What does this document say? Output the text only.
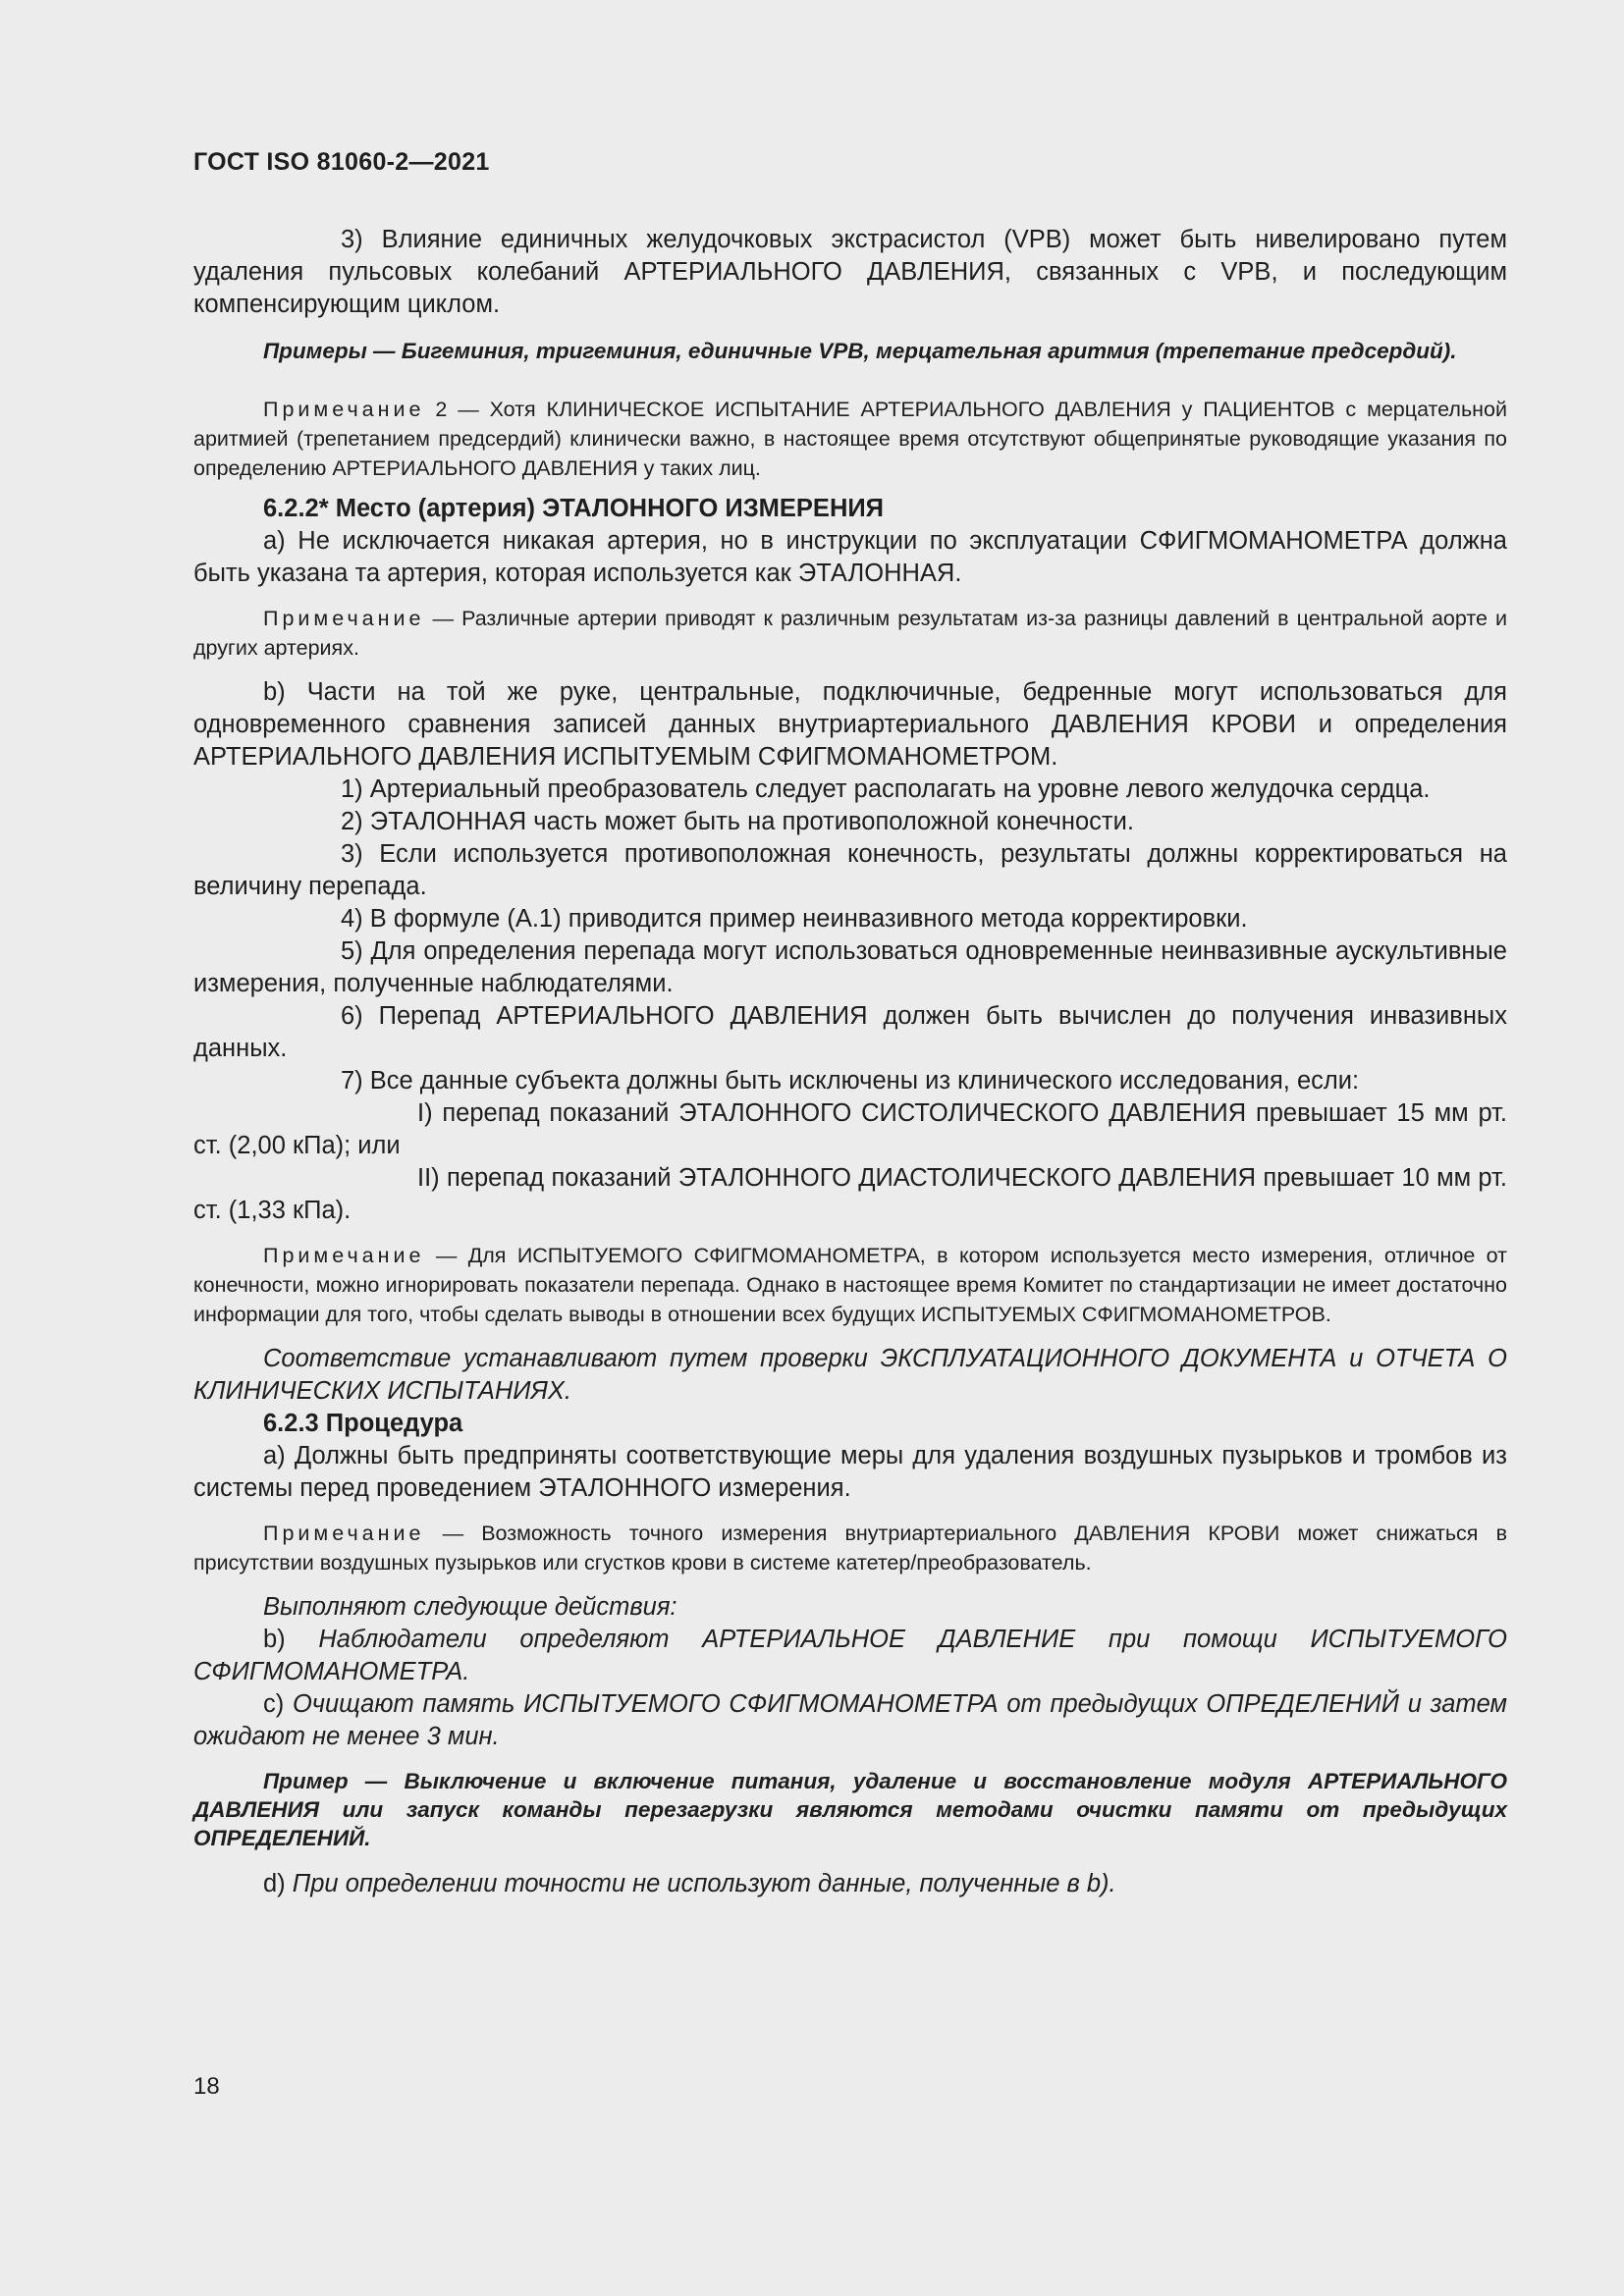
ГОСТ ISO 81060-2—2021

3) Влияние единичных желудочковых экстрасистол (VPB) может быть нивелировано путем удаления пульсовых колебаний АРТЕРИАЛЬНОГО ДАВЛЕНИЯ, связанных с VPB, и последующим компенсирующим циклом.

Примеры — Бигеминия, тригеминия, единичные VPB, мерцательная аритмия (трепетание предсердий).

Примечание 2 — Хотя КЛИНИЧЕСКОЕ ИСПЫТАНИЕ АРТЕРИАЛЬНОГО ДАВЛЕНИЯ у ПАЦИЕНТОВ с мерцательной аритмией (трепетанием предсердий) клинически важно, в настоящее время отсутствуют общепринятые руководящие указания по определению АРТЕРИАЛЬНОГО ДАВЛЕНИЯ у таких лиц.

6.2.2* Место (артерия) ЭТАЛОННОГО ИЗМЕРЕНИЯ

а) Не исключается никакая артерия, но в инструкции по эксплуатации СФИГМОМАНОМЕТРА должна быть указана та артерия, которая используется как ЭТАЛОННАЯ.

Примечание — Различные артерии приводят к различным результатам из-за разницы давлений в центральной аорте и других артериях.

b) Части на той же руке, центральные, подключичные, бедренные могут использоваться для одновременного сравнения записей данных внутриартериального ДАВЛЕНИЯ КРОВИ и определения АРТЕРИАЛЬНОГО ДАВЛЕНИЯ ИСПЫТУЕМЫМ СФИГМОМАНОМЕТРОМ.

1) Артериальный преобразователь следует располагать на уровне левого желудочка сердца.

2) ЭТАЛОННАЯ часть может быть на противоположной конечности.

3) Если используется противоположная конечность, результаты должны корректироваться на величину перепада.

4) В формуле (А.1) приводится пример неинвазивного метода корректировки.

5) Для определения перепада могут использоваться одновременные неинвазивные аускультивные измерения, полученные наблюдателями.

6) Перепад АРТЕРИАЛЬНОГО ДАВЛЕНИЯ должен быть вычислен до получения инвазивных данных.

7) Все данные субъекта должны быть исключены из клинического исследования, если:

I) перепад показаний ЭТАЛОННОГО СИСТОЛИЧЕСКОГО ДАВЛЕНИЯ превышает 15 мм рт. ст. (2,00 кПа); или

II) перепад показаний ЭТАЛОННОГО ДИАСТОЛИЧЕСКОГО ДАВЛЕНИЯ превышает 10 мм рт. ст. (1,33 кПа).

Примечание — Для ИСПЫТУЕМОГО СФИГМОМАНОМЕТРА, в котором используется место измерения, отличное от конечности, можно игнорировать показатели перепада. Однако в настоящее время Комитет по стандартизации не имеет достаточно информации для того, чтобы сделать выводы в отношении всех будущих ИСПЫТУЕМЫХ СФИГМОМАНОМЕТРОВ.

Соответствие устанавливают путем проверки ЭКСПЛУАТАЦИОННОГО ДОКУМЕНТА и ОТЧЕТА О КЛИНИЧЕСКИХ ИСПЫТАНИЯХ.

6.2.3 Процедура

а) Должны быть предприняты соответствующие меры для удаления воздушных пузырьков и тромбов из системы перед проведением ЭТАЛОННОГО измерения.

Примечание — Возможность точного измерения внутриартериального ДАВЛЕНИЯ КРОВИ может снижаться в присутствии воздушных пузырьков или сгустков крови в системе катетер/преобразователь.

Выполняют следующие действия:

b) Наблюдатели определяют АРТЕРИАЛЬНОЕ ДАВЛЕНИЕ при помощи ИСПЫТУЕМОГО СФИГМОМАНОМЕТРА.

с) Очищают память ИСПЫТУЕМОГО СФИГМОМАНОМЕТРА от предыдущих ОПРЕДЕЛЕНИЙ и затем ожидают не менее 3 мин.

Пример — Выключение и включение питания, удаление и восстановление модуля АРТЕРИАЛЬНОГО ДАВЛЕНИЯ или запуск команды перезагрузки являются методами очистки памяти от предыдущих ОПРЕДЕЛЕНИЙ.

d) При определении точности не используют данные, полученные в b).

18
